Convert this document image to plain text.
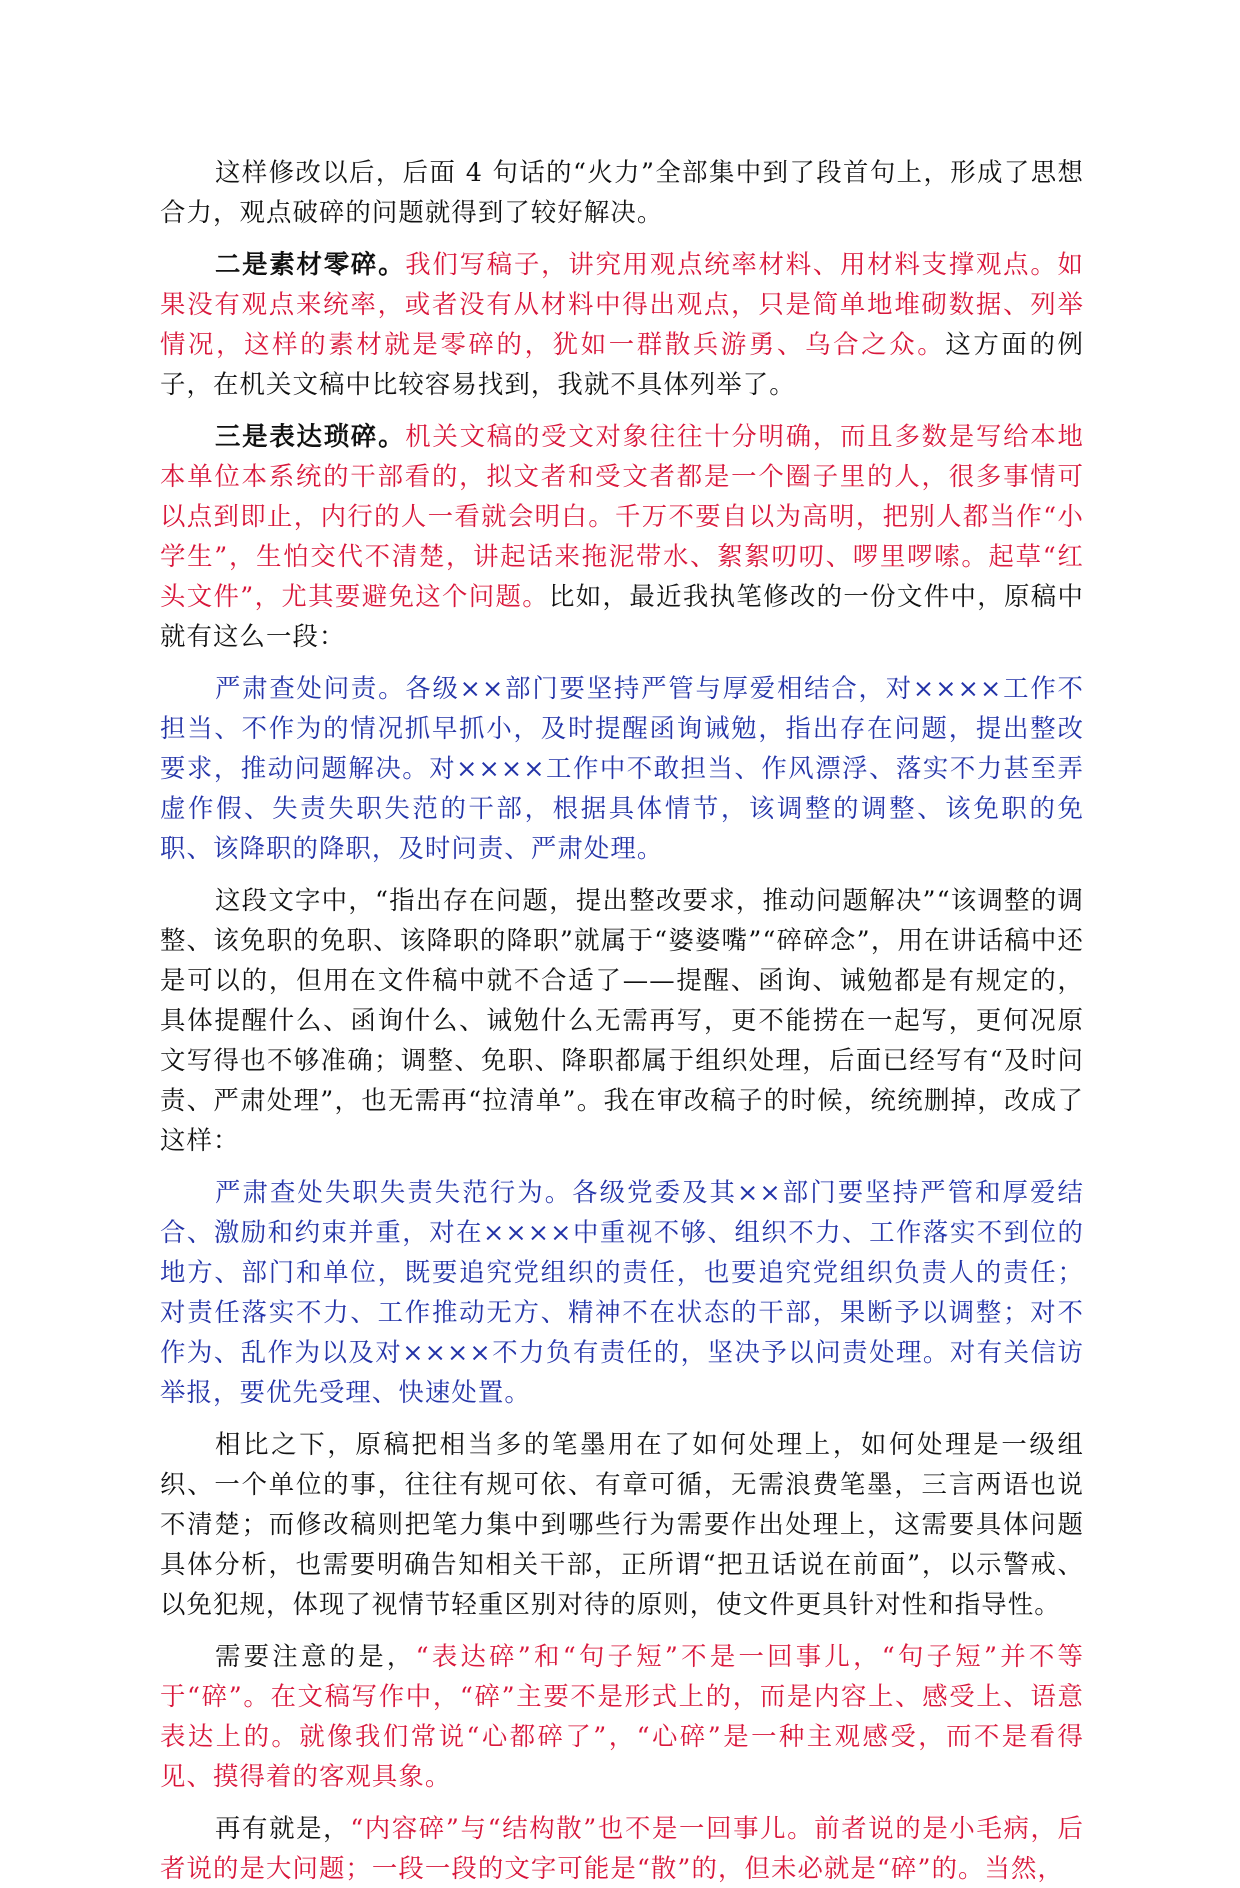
这样修改以后，后面 4 句话的“火力”全部集中到了段首句上，形成了思想合力，观点破碎的问题就得到了较好解决。

二是素材零碎。我们写稿子，讲究用观点统率材料、用材料支撑观点。如果没有观点来统率，或者没有从材料中得出观点，只是简单地堆砌数据、列举情况，这样的素材就是零碎的，犹如一群散兵游勇、乌合之众。这方面的例子，在机关文稿中比较容易找到，我就不具体列举了。

三是表达琐碎。机关文稿的受文对象往往十分明确，而且多数是写给本地本单位本系统的干部看的，拟文者和受文者都是一个圈子里的人，很多事情可以点到即止，内行的人一看就会明白。千万不要自以为高明，把别人都当作“小学生”，生怕交代不清楚，讲起话来拖泥带水、絮絮叨叨、啰里啰嗦。起草“红头文件”，尤其要避免这个问题。比如，最近我执笔修改的一份文件中，原稿中就有这么一段：

严肃查处问责。各级××部门要坚持严管与厚爱相结合，对××××工作不担当、不作为的情况抓早抓小，及时提醒函询诫勉，指出存在问题，提出整改要求，推动问题解决。对××××工作中不敢担当、作风漂浮、落实不力甚至弄虚作假、失责失职失范的干部，根据具体情节，该调整的调整、该免职的免职、该降职的降职，及时问责、严肃处理。

这段文字中，“指出存在问题，提出整改要求，推动问题解决”“该调整的调整、该免职的免职、该降职的降职”就属于“婆婆嘴”“碎碎念”，用在讲话稿中还是可以的，但用在文件稿中就不合适了——提醒、函询、诫勉都是有规定的，具体提醒什么、函询什么、诫勉什么无需再写，更不能捞在一起写，更何况原文写得也不够准确；调整、免职、降职都属于组织处理，后面已经写有“及时问责、严肃处理”，也无需再“拉清单”。我在审改稿子的时候，统统删掉，改成了这样：

严肃查处失职失责失范行为。各级党委及其××部门要坚持严管和厚爱结合、激励和约束并重，对在××××中重视不够、组织不力、工作落实不到位的地方、部门和单位，既要追究党组织的责任，也要追究党组织负责人的责任；对责任落实不力、工作推动无方、精神不在状态的干部，果断予以调整；对不作为、乱作为以及对××××不力负有责任的，坚决予以问责处理。对有关信访举报，要优先受理、快速处置。

相比之下，原稿把相当多的笔墨用在了如何处理上，如何处理是一级组织、一个单位的事，往往有规可依、有章可循，无需浪费笔墨，三言两语也说不清楚；而修改稿则把笔力集中到哪些行为需要作出处理上，这需要具体问题具体分析，也需要明确告知相关干部，正所谓“把丑话说在前面”，以示警戒、以免犯规，体现了视情节轻重区别对待的原则，使文件更具针对性和指导性。

需要注意的是，“表达碎”和“句子短”不是一回事儿，“句子短”并不等于“碎”。在文稿写作中，“碎”主要不是形式上的，而是内容上、感受上、语意表达上的。就像我们常说“心都碎了”，“心碎”是一种主观感受，而不是看得见、摸得着的客观具象。

再有就是，“内容碎”与“结构散”也不是一回事儿。前者说的是小毛病，后者说的是大问题；一段一段的文字可能是“散”的，但未必就是“碎”的。当然，
